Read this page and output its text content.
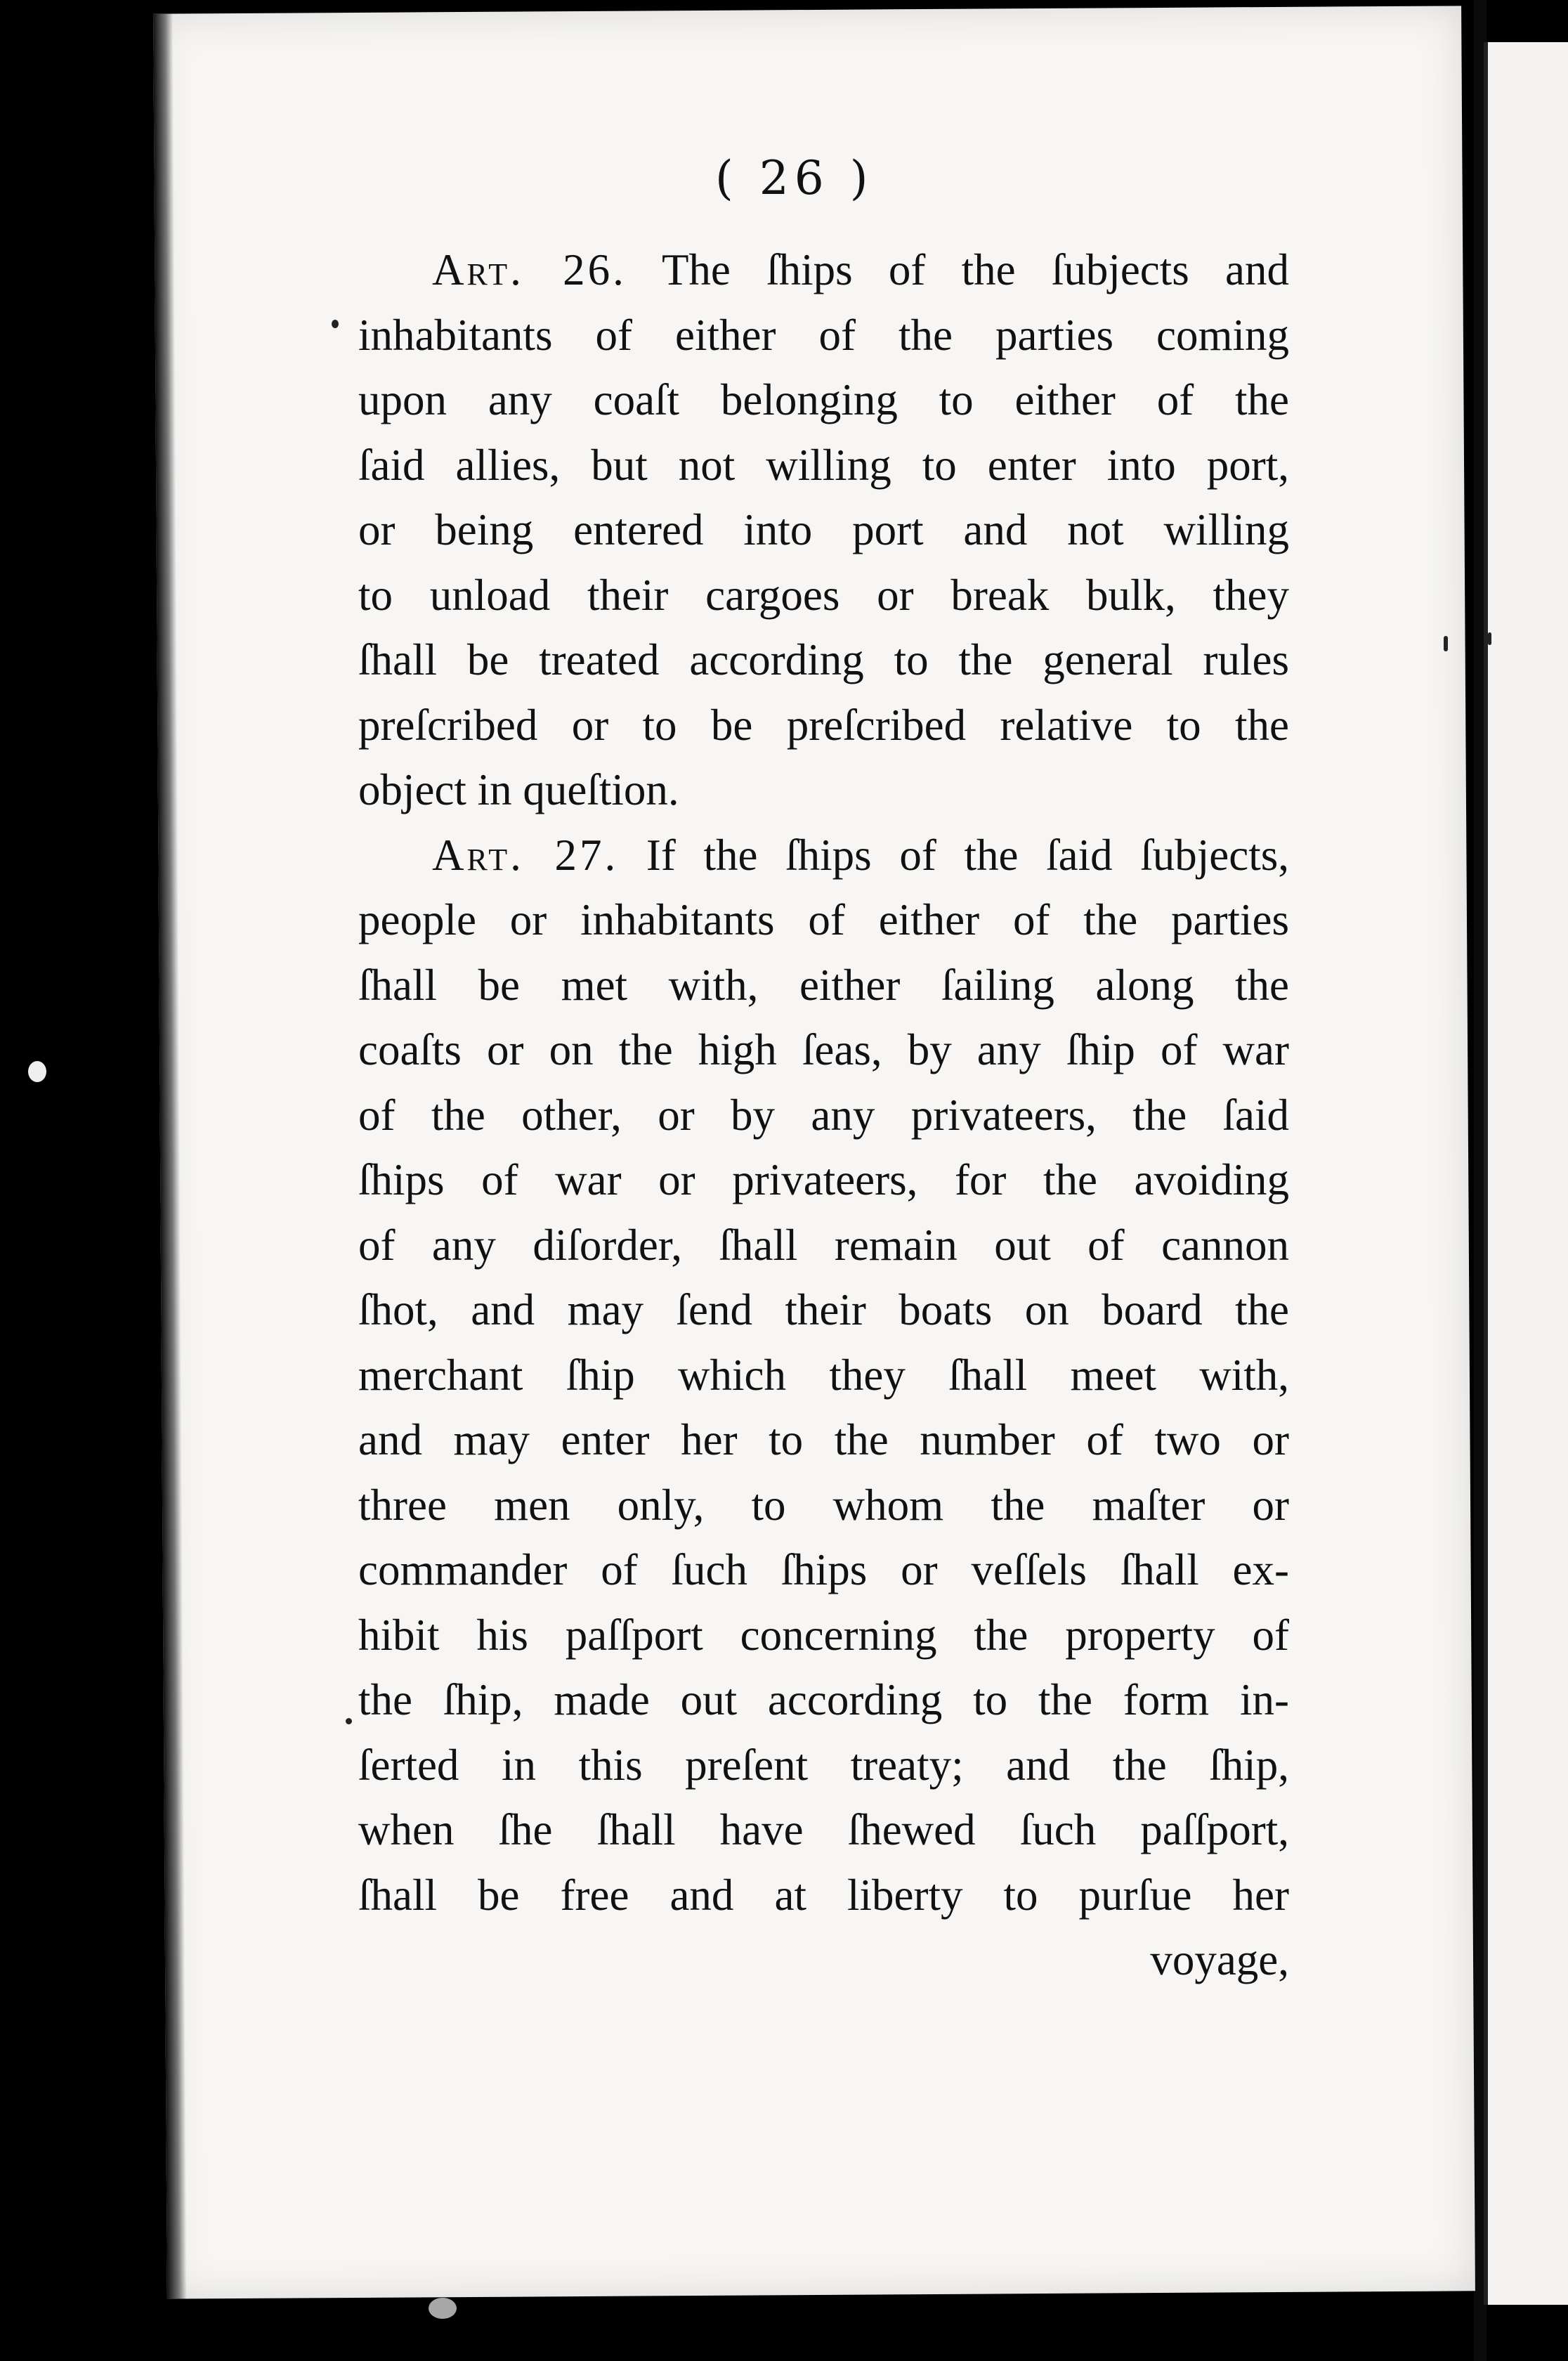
( 26 )
Art. 26. The ſhips of the ſubjects and
inhabitants of either of the parties coming
upon any coaſt belonging to either of the
ſaid allies, but not willing to enter into port,
or being entered into port and not willing
to unload their cargoes or break bulk, they
ſhall be treated according to the general rules
preſcribed or to be preſcribed relative to the
object in queſtion.
Art. 27. If the ſhips of the ſaid ſubjects,
people or inhabitants of either of the parties
ſhall be met with, either ſailing along the
coaſts or on the high ſeas, by any ſhip of war
of the other, or by any privateers, the ſaid
ſhips of war or privateers, for the avoiding
of any diſorder, ſhall remain out of cannon
ſhot, and may ſend their boats on board the
merchant ſhip which they ſhall meet with,
and may enter her to the number of two or
three men only, to whom the maſter or
commander of ſuch ſhips or veſſels ſhall ex-
hibit his paſſport concerning the property of
the ſhip, made out according to the form in-
ſerted in this preſent treaty; and the ſhip,
when ſhe ſhall have ſhewed ſuch paſſport,
ſhall be free and at liberty to purſue her
voyage,
